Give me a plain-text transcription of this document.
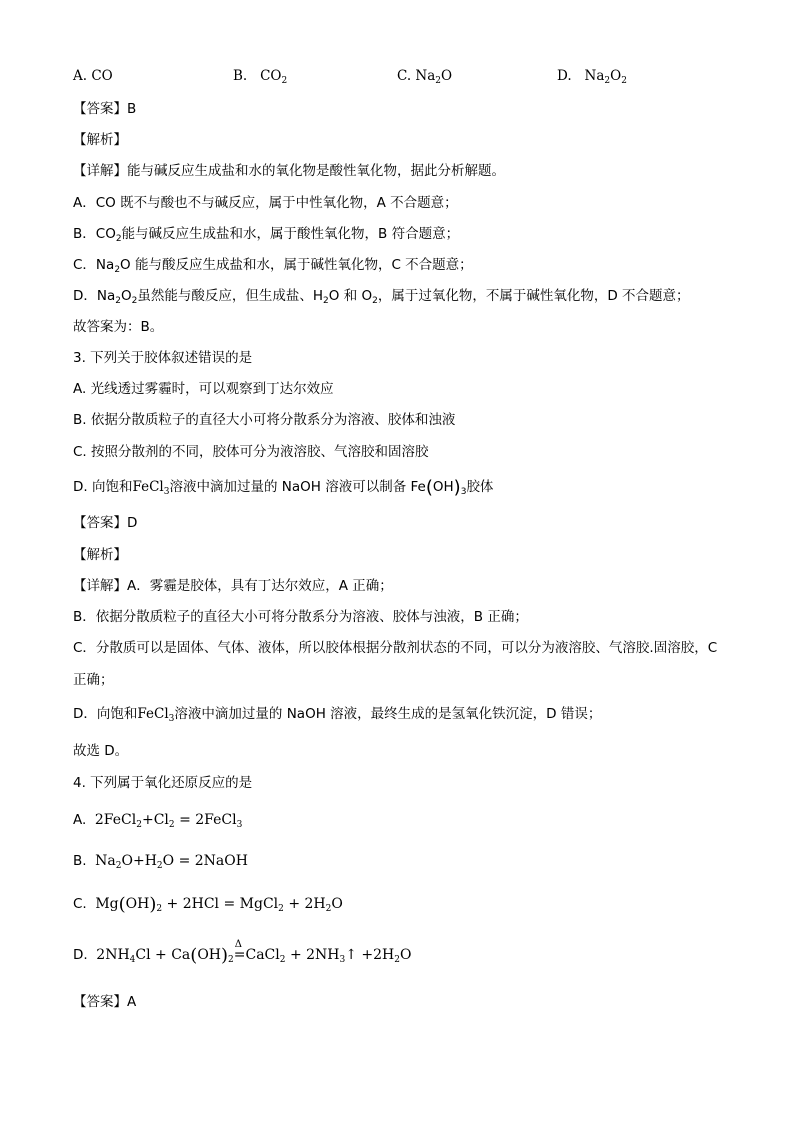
A. CO	B. $CO_2$	C. $Na_2O$	D. $Na_2O_2$
【答案】B
【解析】
【详解】能与碱反应生成盐和水的氧化物是酸性氧化物，据此分析解题。
A．CO 既不与酸也不与碱反应，属于中性氧化物，A 不合题意；
B．$CO_2$能与碱反应生成盐和水，属于酸性氧化物，B 符合题意；
C．$Na_2O$ 能与酸反应生成盐和水，属于碱性氧化物，C 不合题意；
D．$Na_2O_2$虽然能与酸反应，但生成盐、$H_2O$ 和 $O_2$，属于过氧化物，不属于碱性氧化物，D 不合题意；
故答案为：B。
3. 下列关于胶体叙述错误的是
A. 光线透过雾霾时，可以观察到丁达尔效应
B. 依据分散质粒子的直径大小可将分散系分为溶液、胶体和浊液
C. 按照分散剂的不同，胶体可分为液溶胶、气溶胶和固溶胶
D. 向饱和FeCl$_3$溶液中滴加过量的 NaOH 溶液可以制备 $Fe(OH)_3$胶体
【答案】D
【解析】
【详解】A．雾霾是胶体，具有丁达尔效应，A 正确；
B．依据分散质粒子的直径大小可将分散系分为溶液、胶体与浊液，B 正确；
C．分散质可以是固体、气体、液体，所以胶体根据分散剂状态的不同，可以分为液溶胶、气溶胶.固溶胶，C
正确；
D．向饱和FeCl$_3$溶液中滴加过量的 NaOH 溶液，最终生成的是氢氧化铁沉淀，D 错误；
故选 D。
4. 下列属于氧化还原反应的是
A. $2FeCl_2+Cl_2$ = 2FeCl$_3$
B. $Na_2O+H_2O$ = 2NaOH
C. $Mg(OH)_2 + 2HCl$ = MgCl$_2$ + $2H_2O$
D. $2NH_4Cl + Ca(OH)_2$
Δ
=CaCl$_2$ + $2NH_3↑ +2H_2O$
【答案】A
